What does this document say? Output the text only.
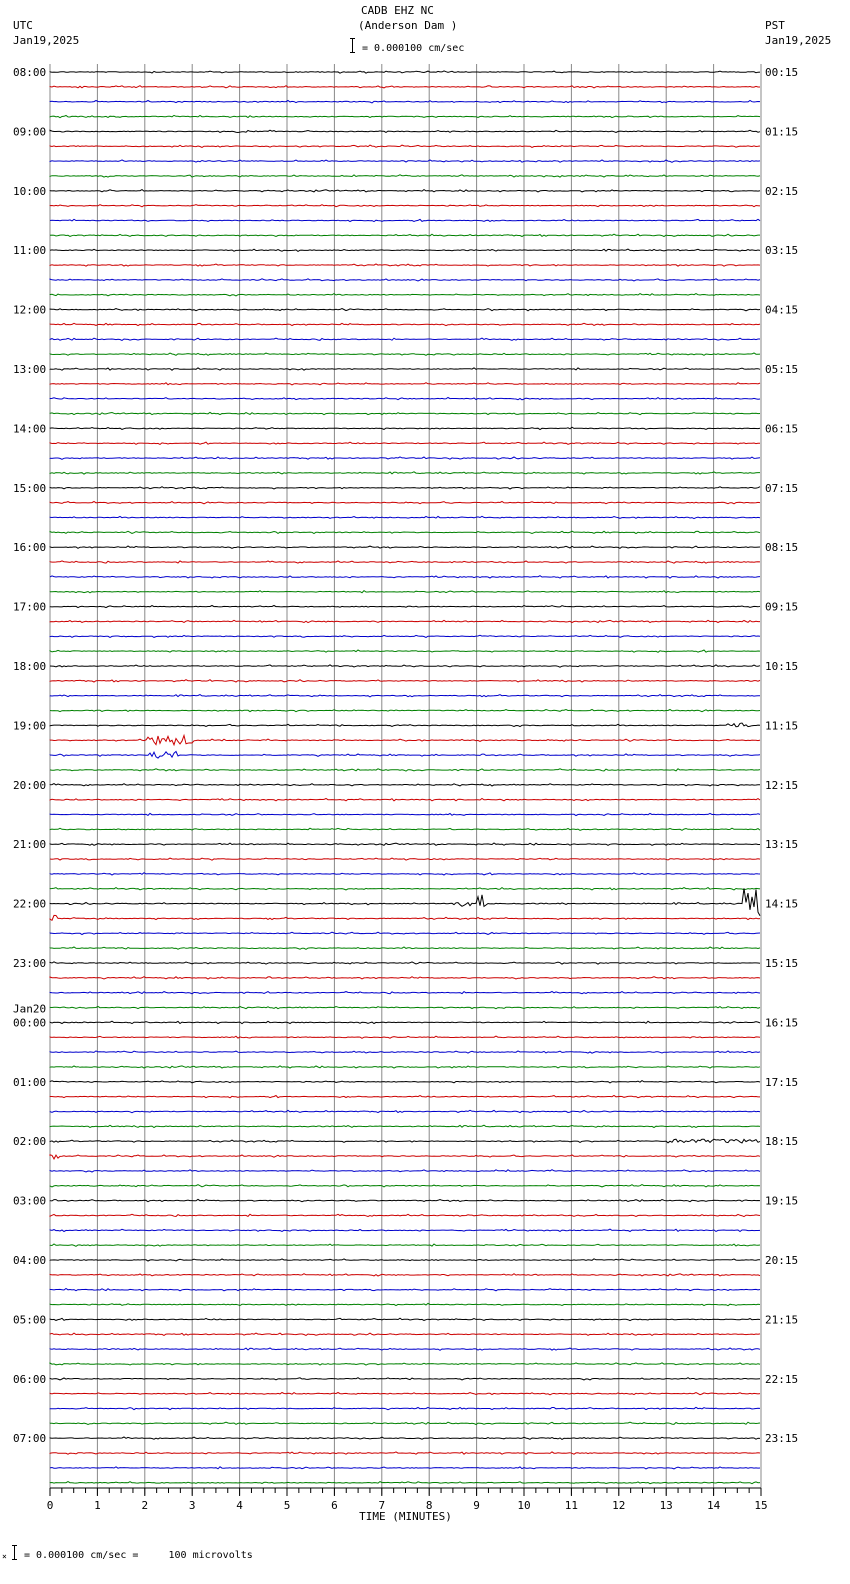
CADB EHZ NC
(Anderson Dam )
= 0.000100 cm/sec
UTC
Jan19,2025
PST
Jan19,2025
08:00
09:00
10:00
11:00
12:00
13:00
14:00
15:00
16:00
17:00
18:00
19:00
20:00
21:00
22:00
23:00
00:00
Jan20
01:00
02:00
03:00
04:00
05:00
06:00
07:00
00:15
01:15
02:15
03:15
04:15
05:15
06:15
07:15
08:15
09:15
10:15
11:15
12:15
13:15
14:15
15:15
16:15
17:15
18:15
19:15
20:15
21:15
22:15
23:15
0	1	2	3	4	5	6	7	8	9	10	11	12	13	14	15
TIME (MINUTES)
× = 0.000100 cm/sec =     100 microvolts
